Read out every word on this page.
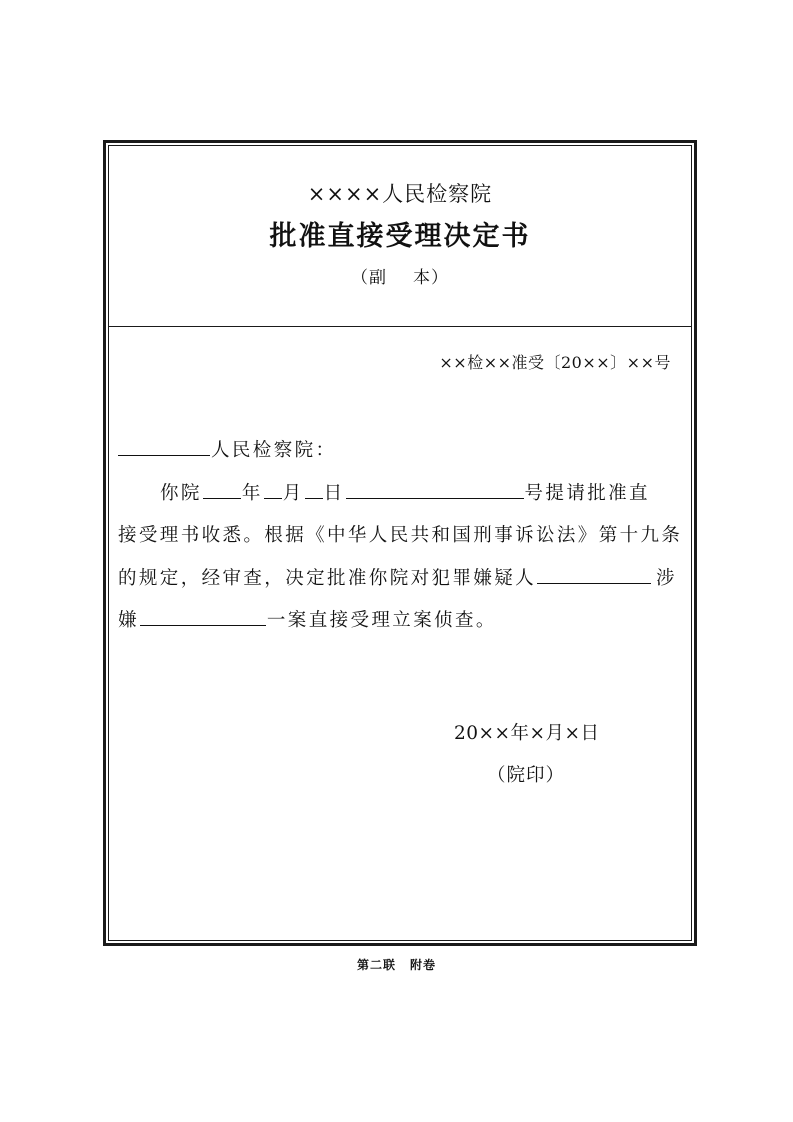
××××人民检察院
批准直接受理决定书
（副 本）
××检××准受〔20××〕××号
人民检察院：
你院 年 月 日	号提请批准直
接受理书收悉。根据《中华人民共和国刑事诉讼法》第十九条
的规定，经审查，决定批准你院对犯罪嫌疑人	涉
嫌	一案直接受理立案侦查。
20××年×月×日
（院印）
第二联 附卷
